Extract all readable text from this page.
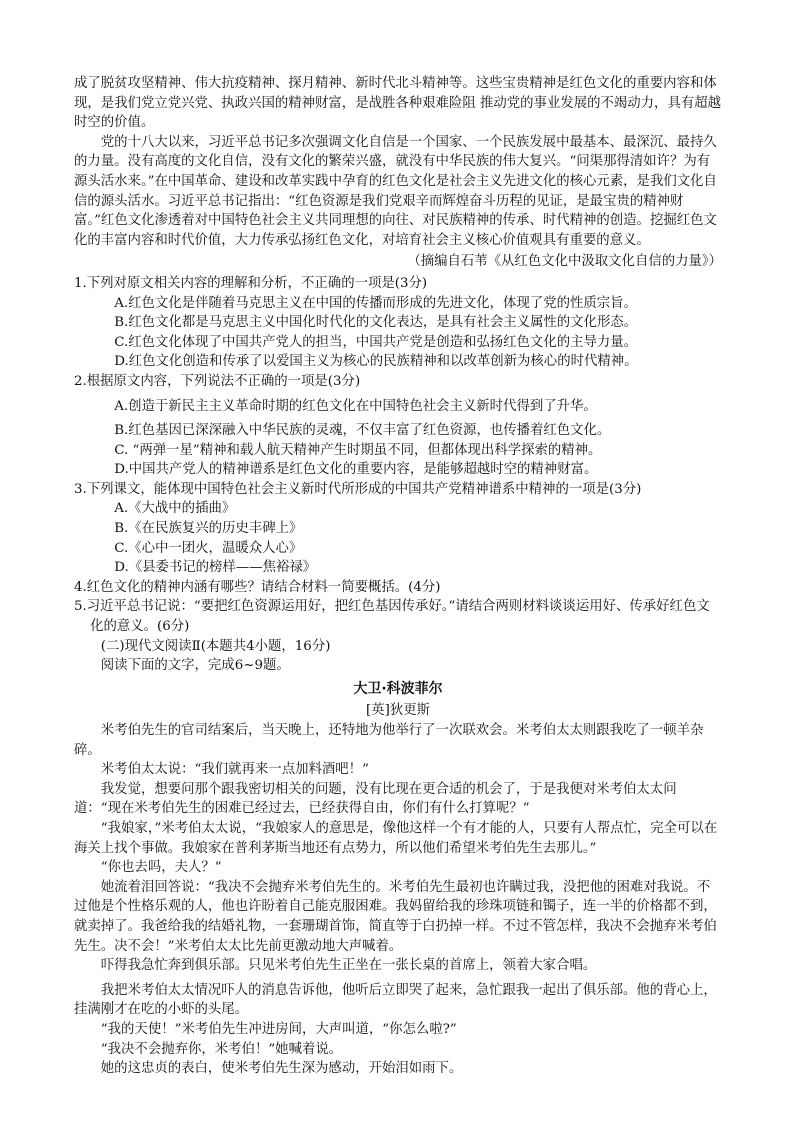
成了脱贫攻坚精神、伟大抗疫精神、探月精神、新时代北斗精神等。这些宝贵精神是红色文化的重要内容和体现，是我们党立党兴党、执政兴国的精神财富，是战胜各种艰难险阻 推动党的事业发展的不竭动力，具有超越时空的价值。

党的十八大以来，习近平总书记多次强调文化自信是一个国家、一个民族发展中最基本、最深沉、最持久的力量。没有高度的文化自信，没有文化的繁荣兴盛，就没有中华民族的伟大复兴。“问渠那得清如许？为有源头活水来。”在中国革命、建设和改革实践中孕育的红色文化是社会主义先进文化的核心元素，是我们文化自信的源头活水。习近平总书记指出：“红色资源是我们党艰辛而辉煌奋斗历程的见证，是最宝贵的精神财富。”红色文化渗透着对中国特色社会主义共同理想的向往、对民族精神的传承、时代精神的创造。挖掘红色文化的丰富内容和时代价值，大力传承弘扬红色文化，对培育社会主义核心价值观具有重要的意义。

（摘编自石苇《从红色文化中汲取文化自信的力量》）

1.下列对原文相关内容的理解和分析，不正确的一项是(3分)

A.红色文化是伴随着马克思主义在中国的传播而形成的先进文化，体现了党的性质宗旨。

B.红色文化都是马克思主义中国化时代化的文化表达，是具有社会主义属性的文化形态。

C.红色文化体现了中国共产党人的担当，中国共产党是创造和弘扬红色文化的主导力量。

D.红色文化创造和传承了以爱国主义为核心的民族精神和以改革创新为核心的时代精神。

2.根据原文内容，下列说法不正确的一项是(3分)

A.创造于新民主主义革命时期的红色文化在中国特色社会主义新时代得到了升华。

B.红色基因已深深融入中华民族的灵魂，不仅丰富了红色资源，也传播着红色文化。

C. “两弹一星”精神和载人航天精神产生时期虽不同，但都体现出科学探索的精神。

D.中国共产党人的精神谱系是红色文化的重要内容，是能够超越时空的精神财富。

3.下列课文，能体现中国特色社会主义新时代所形成的中国共产党精神谱系中精神的一项是(3分)

A.《大战中的插曲》

B.《在民族复兴的历史丰碑上》

C.《心中一团火，温暖众人心》

D.《县委书记的榜样——焦裕禄》

4.红色文化的精神内涵有哪些？请结合材料一简要概括。(4分)

5.习近平总书记说：“要把红色资源运用好，把红色基因传承好。”请结合两则材料谈谈运用好、传承好红色文化的意义。(6分)

(二)现代文阅读Ⅱ(本题共4小题，16分)

阅读下面的文字，完成6~9题。

大卫·科波菲尔

[英]狄更斯

米考伯先生的官司结案后，当天晚上，还特地为他举行了一次联欢会。米考伯太太则跟我吃了一顿羊杂碎。

米考伯太太说：“我们就再来一点加料酒吧！”

我发觉，想要问那个跟我密切相关的问题，没有比现在更合适的机会了，于是我便对米考伯太太问道：“现在米考伯先生的困难已经过去，已经获得自由，你们有什么打算呢？”

“我娘家，”米考伯太太说，“我娘家人的意思是，像他这样一个有才能的人，只要有人帮点忙，完全可以在海关上找个事做。我娘家在普利茅斯当地还有点势力，所以他们希望米考伯先生去那儿。”

“你也去吗，夫人？”

她流着泪回答说：“我决不会抛弃米考伯先生的。米考伯先生最初也许瞒过我，没把他的困难对我说。不过他是个性格乐观的人，他也许盼着自己能克服困难。我妈留给我的珍珠项链和镯子，连一半的价格都不到，就卖掉了。我爸给我的结婚礼物，一套珊瑚首饰，简直等于白扔掉一样。不过不管怎样，我决不会抛弃米考伯先生。决不会！”米考伯太太比先前更激动地大声喊着。

吓得我急忙奔到俱乐部。只见米考伯先生正坐在一张长桌的首席上，领着大家合唱。

我把米考伯太太情况吓人的消息告诉他，他听后立即哭了起来，急忙跟我一起出了俱乐部。他的背心上，挂满刚才在吃的小虾的头尾。

“我的天使！”米考伯先生冲进房间，大声叫道，“你怎么啦?”

“我决不会抛弃你，米考伯！”她喊着说。

她的这忠贞的表白，使米考伯先生深为感动，开始泪如雨下。
